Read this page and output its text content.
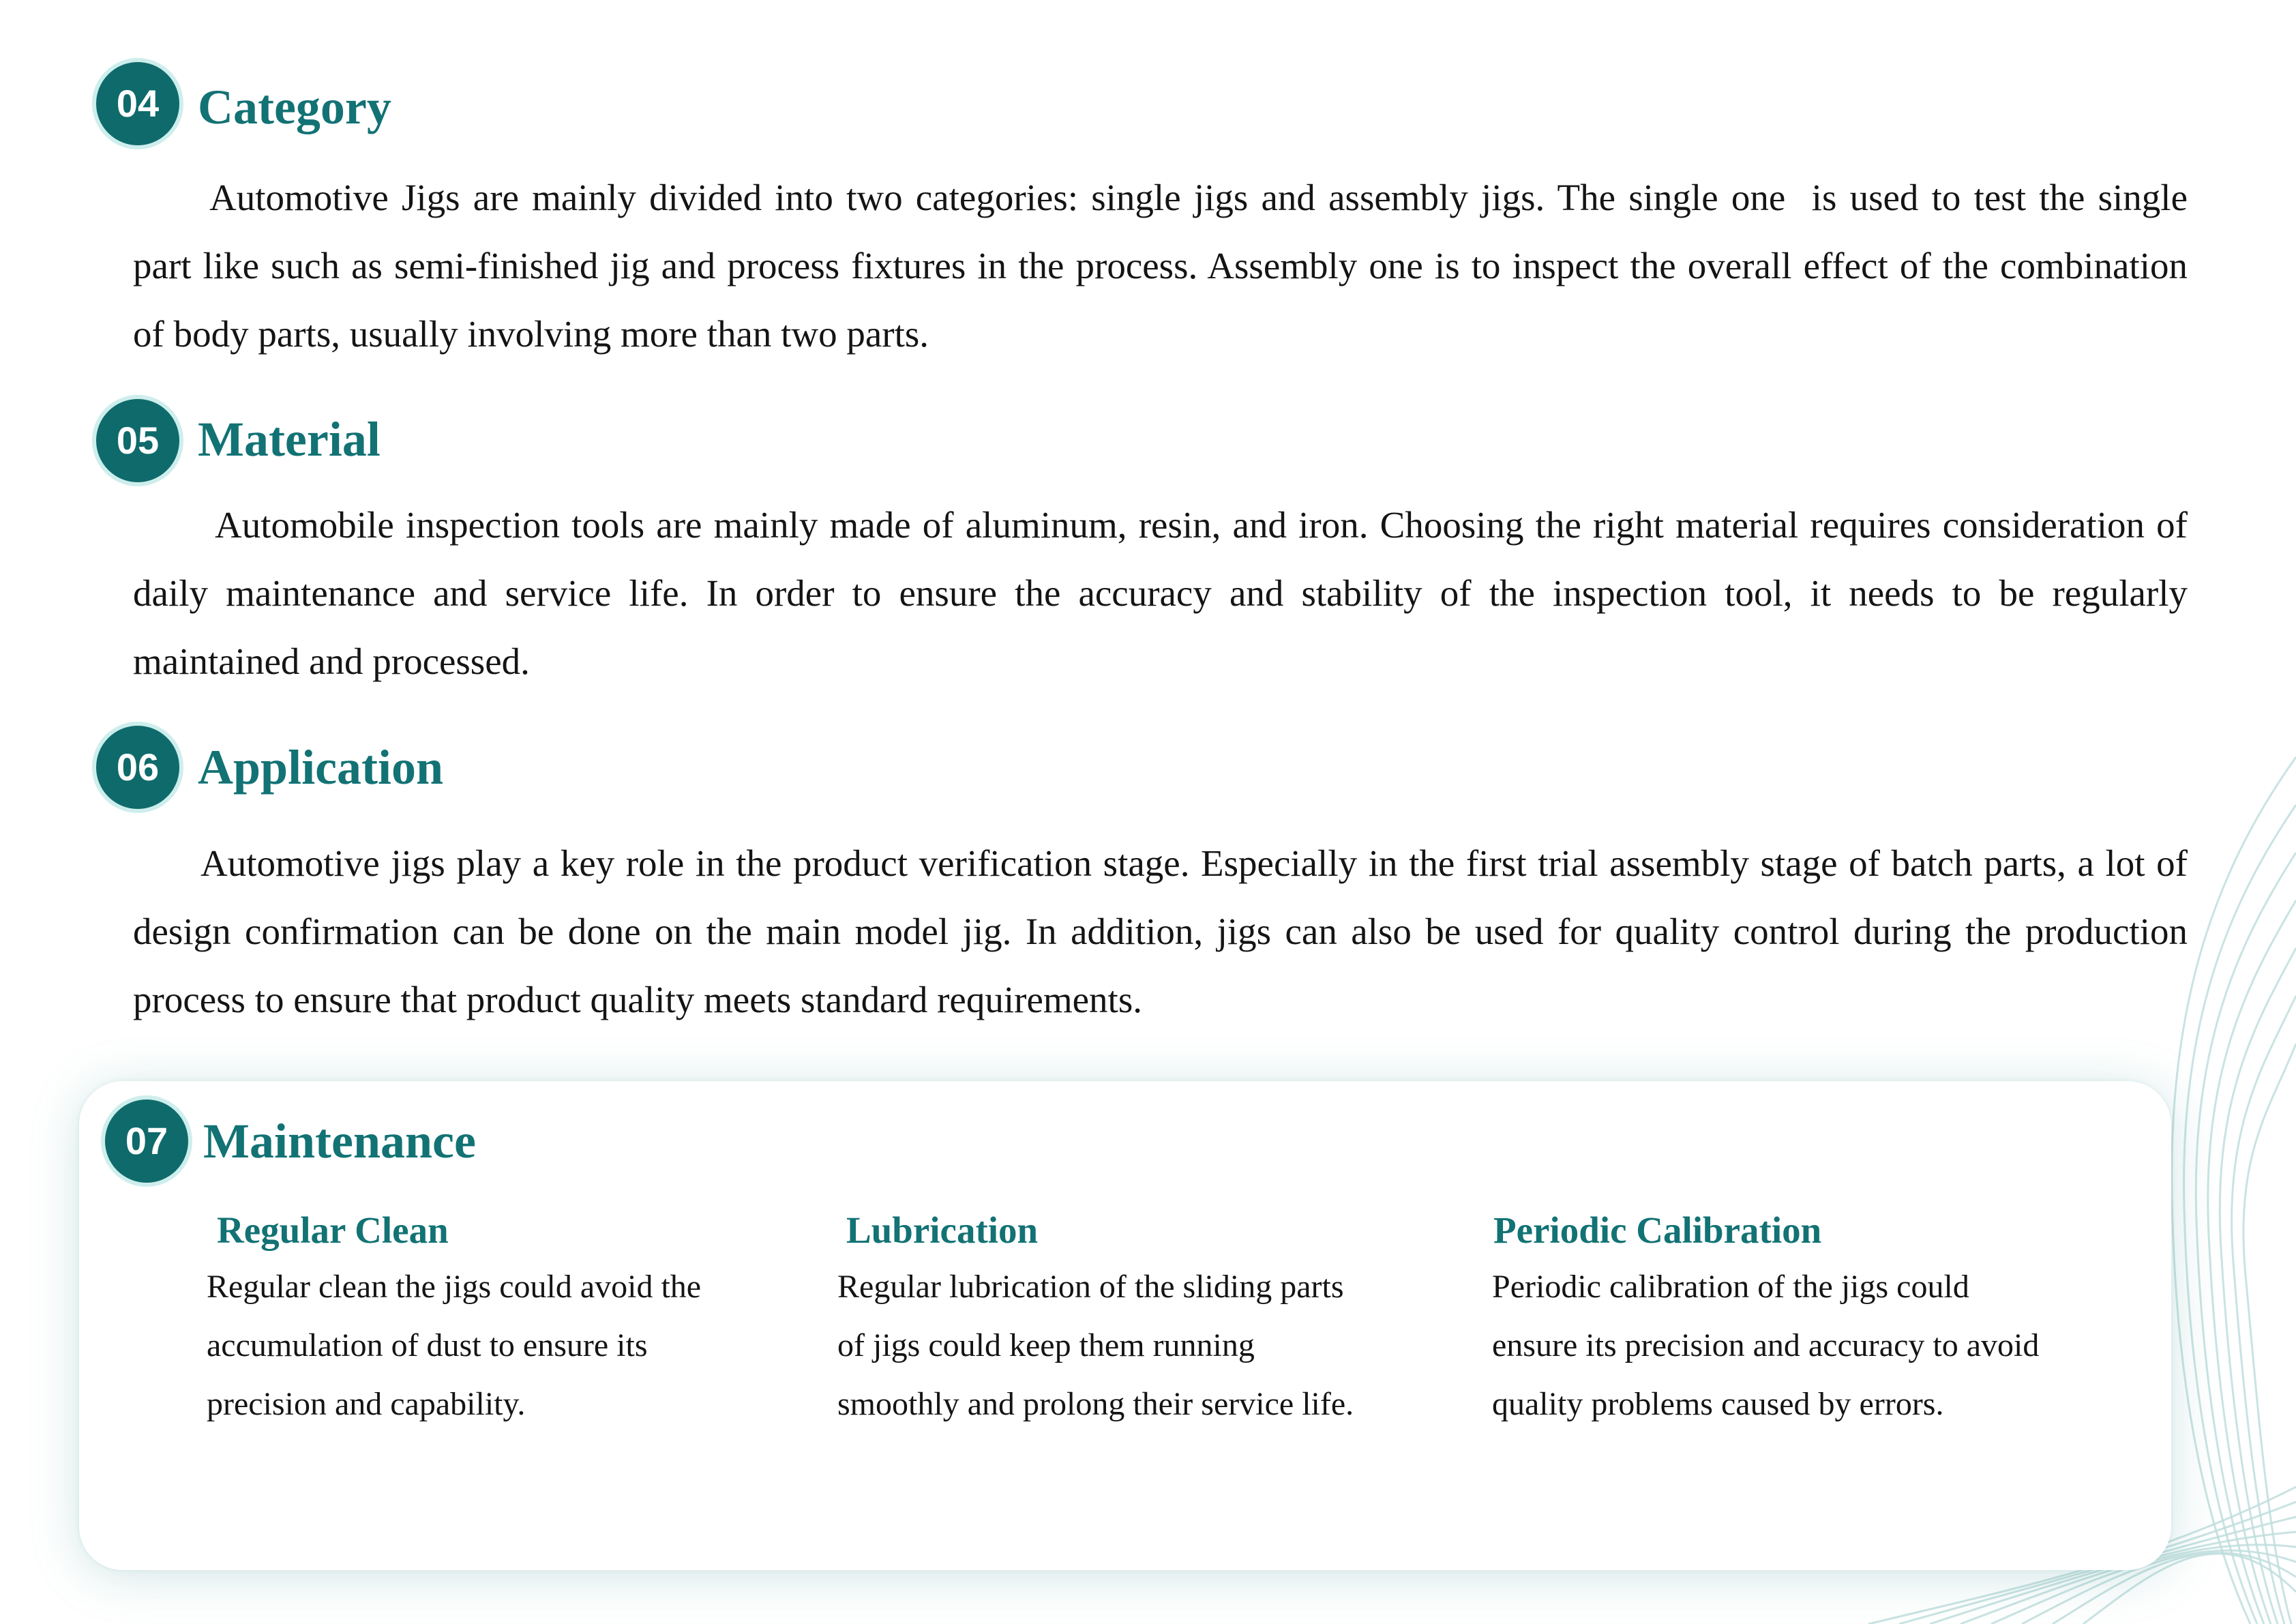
04 Category
Automotive Jigs are mainly divided into two categories: single jigs and assembly jigs. The single one  is used to test the single
part like such as semi-finished jig and process fixtures in the process. Assembly one is to inspect the overall effect of the combination
of body parts, usually involving more than two parts.
05 Material
Automobile inspection tools are mainly made of aluminum, resin, and iron. Choosing the right material requires consideration of
daily maintenance and service life. In order to ensure the accuracy and stability of the inspection tool, it needs to be regularly
maintained and processed.
06 Application
Automotive jigs play a key role in the product verification stage. Especially in the first trial assembly stage of batch parts, a lot of
design confirmation can be done on the main model jig. In addition, jigs can also be used for quality control during the production
process to ensure that product quality meets standard requirements.
07 Maintenance
Regular Clean
Regular clean the jigs could avoid the
accumulation of dust to ensure its
precision and capability.
Lubrication
Regular lubrication of the sliding parts
of jigs could keep them running
smoothly and prolong their service life.
Periodic Calibration
Periodic calibration of the jigs could
ensure its precision and accuracy to avoid
quality problems caused by errors.
